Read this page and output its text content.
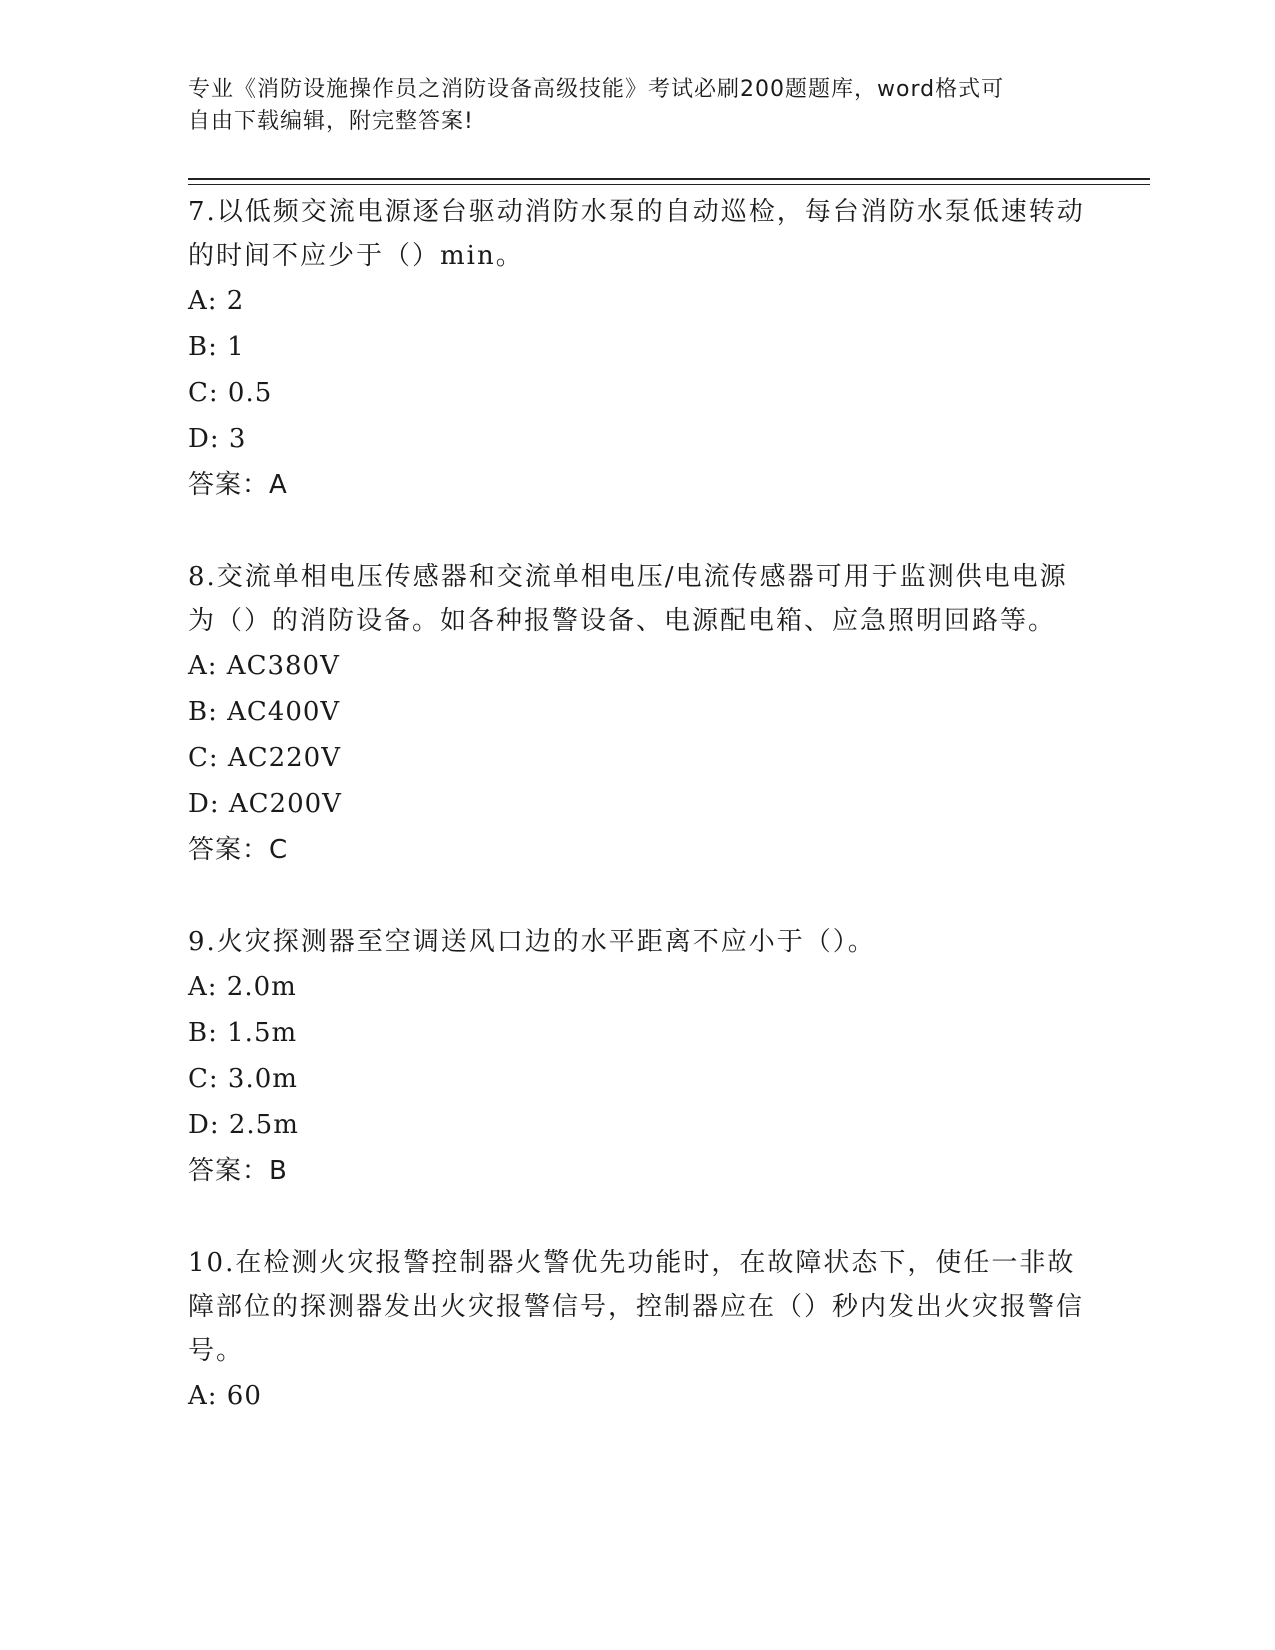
专业《消防设施操作员之消防设备高级技能》考试必刷200题题库，word格式可
自由下载编辑，附完整答案!
7.以低频交流电源逐台驱动消防水泵的自动巡检，每台消防水泵低速转动的时间不应少于（）min。
A: 2
B: 1
C: 0.5
D: 3
答案：A
8.交流单相电压传感器和交流单相电压/电流传感器可用于监测供电电源为（）的消防设备。如各种报警设备、电源配电箱、应急照明回路等。
A: AC380V
B: AC400V
C: AC220V
D: AC200V
答案：C
9.火灾探测器至空调送风口边的水平距离不应小于（）。
A: 2.0m
B: 1.5m
C: 3.0m
D: 2.5m
答案：B
10.在检测火灾报警控制器火警优先功能时，在故障状态下，使任一非故障部位的探测器发出火灾报警信号，控制器应在（）秒内发出火灾报警信号。
A: 60
